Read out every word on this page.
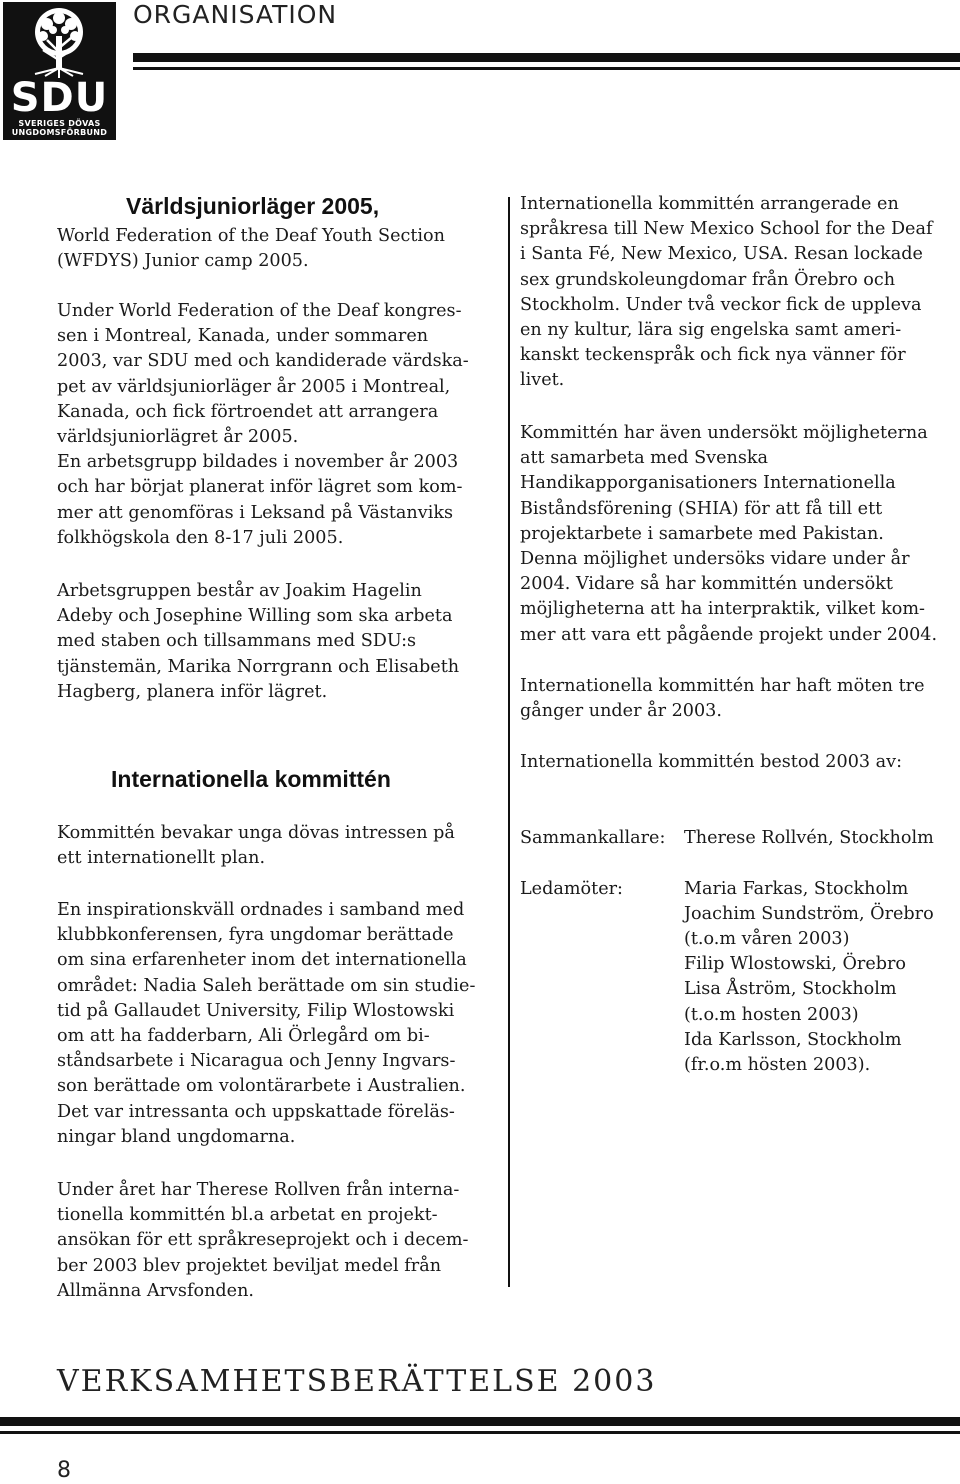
SDU
SVERIGES DÖVAS
UNGDOMSFÖRBUND
ORGANISATION
Världsjuniorläger 2005,

World Federation of the Deaf Youth Section
(WFDYS) Junior camp 2005.

Under World Federation of the Deaf kongres-
sen i Montreal, Kanada, under sommaren
2003, var SDU med och kandiderade värdska-
pet av världsjuniorläger år 2005 i Montreal,
Kanada, och fick förtroendet att arrangera
världsjuniorlägret år 2005.
En arbetsgrupp bildades i november år 2003
och har börjat planerat inför lägret som kom-
mer att genomföras i Leksand på Västanviks
folkhögskola den 8-17 juli 2005.

Arbetsgruppen består av Joakim Hagelin
Adeby och Josephine Willing som ska arbeta
med staben och tillsammans med SDU:s
tjänstemän, Marika Norrgrann och Elisabeth
Hagberg, planera inför lägret.

Internationella kommittén

Kommittén bevakar unga dövas intressen på
ett internationellt plan.

En inspirationskväll ordnades i samband med
klubbkonferensen, fyra ungdomar berättade
om sina erfarenheter inom det internationella
området: Nadia Saleh berättade om sin studie-
tid på Gallaudet University, Filip Wlostowski
om att ha fadderbarn, Ali Örlegård om bi-
ståndsarbete i Nicaragua och Jenny Ingvars-
son berättade om volontärarbete i Australien.
Det var intressanta och uppskattade föreläs-
ningar bland ungdomarna.

Under året har Therese Rollven från interna-
tionella kommittén bl.a arbetat en projekt-
ansökan för ett språkreseprojekt och i decem-
ber 2003 blev projektet beviljat medel från
Allmänna Arvsfonden.

Internationella kommittén arrangerade en
språkresa till New Mexico School for the Deaf
i Santa Fé, New Mexico, USA. Resan lockade
sex grundskoleungdomar från Örebro och
Stockholm. Under två veckor fick de uppleva
en ny kultur, lära sig engelska samt ameri-
kanskt teckenspråk och fick nya vänner för
livet.

Kommittén har även undersökt möjligheterna
att samarbeta med Svenska
Handikapporganisationers Internationella
Biståndsförening (SHIA) för att få till ett
projektarbete i samarbete med Pakistan.
Denna möjlighet undersöks vidare under år
2004. Vidare så har kommittén undersökt
möjligheterna att ha interpraktik, vilket kom-
mer att vara ett pågående projekt under 2004.

Internationella kommittén har haft möten tre
gånger under år 2003.

Internationella kommittén bestod 2003 av:

Sammankallare:	Therese Rollvén, Stockholm

Ledamöter:	Maria Farkas, Stockholm
Joachim Sundström, Örebro
(t.o.m våren 2003)
Filip Wlostowski, Örebro
Lisa Åström, Stockholm
(t.o.m hosten 2003)
Ida Karlsson, Stockholm
(fr.o.m hösten 2003).

VERKSAMHETSBERÄTTELSE 2003
8
